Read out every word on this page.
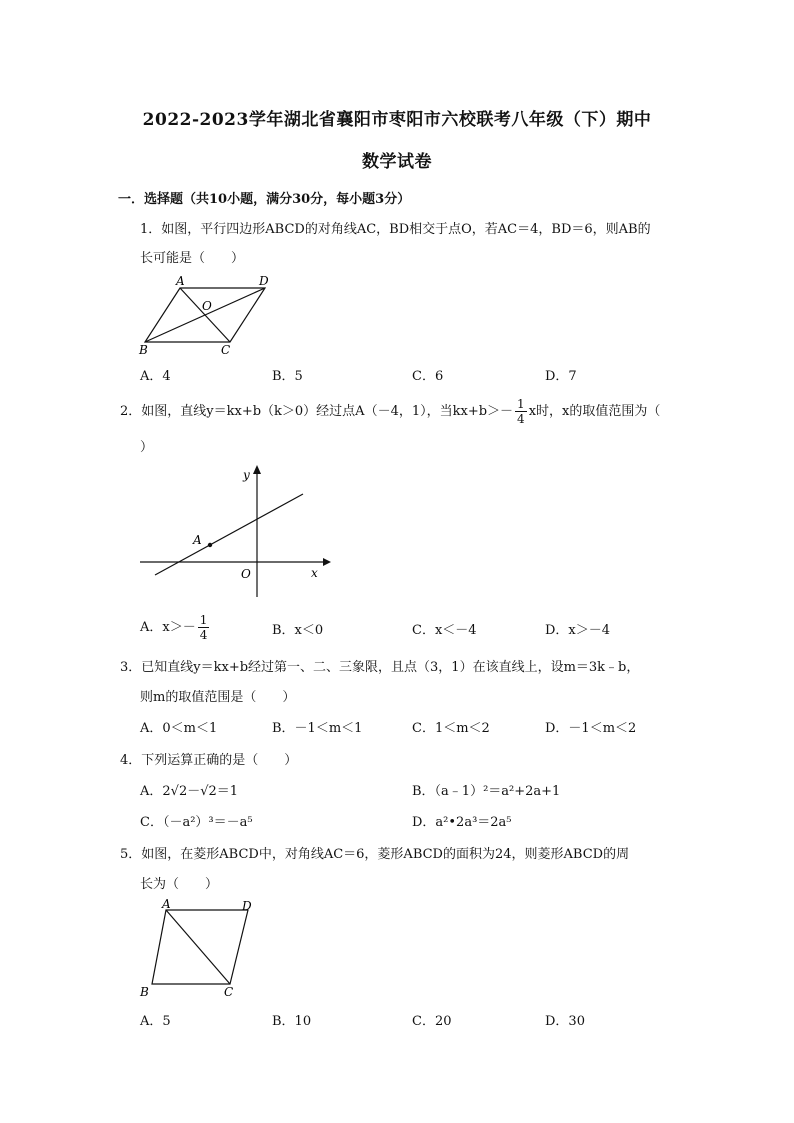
2022-2023学年湖北省襄阳市枣阳市六校联考八年级（下）期中
数学试卷
一．选择题（共10小题，满分30分，每小题3分）
1．如图，平行四边形ABCD的对角线AC，BD相交于点O，若AC＝4，BD＝6，则AB的
长可能是（　　）
A	D
B	C
O
A．4	B．5	C．6	D．7
2．如图，直线y＝kx+b（k＞0）经过点A（－4，1），当$kx+b>- \frac{1}{4}$ x时，x的取值范围为（
）
y
x
O
A
A．$x>- \frac{1}{4}$	B．x＜0	C．x＜－4	D．x＞－4
3．已知直线y＝kx+b经过第一、二、三象限，且点（3，1）在该直线上，设m＝3k﹣b，
则m的取值范围是（　　）
A．0＜m＜1	B．－1＜m＜1	C．1＜m＜2	D．－1＜m＜2
4．下列运算正确的是（　　）
A．2√2－√2＝1	B．（a﹣1）²＝a²+2a+1
C．（－a²）³＝－a⁵	D．a²•2a³＝2a⁵
5．如图，在菱形ABCD中，对角线AC＝6，菱形ABCD的面积为24，则菱形ABCD的周
长为（　　）
A	D
B	C
A．5	B．10	C．20	D．30
